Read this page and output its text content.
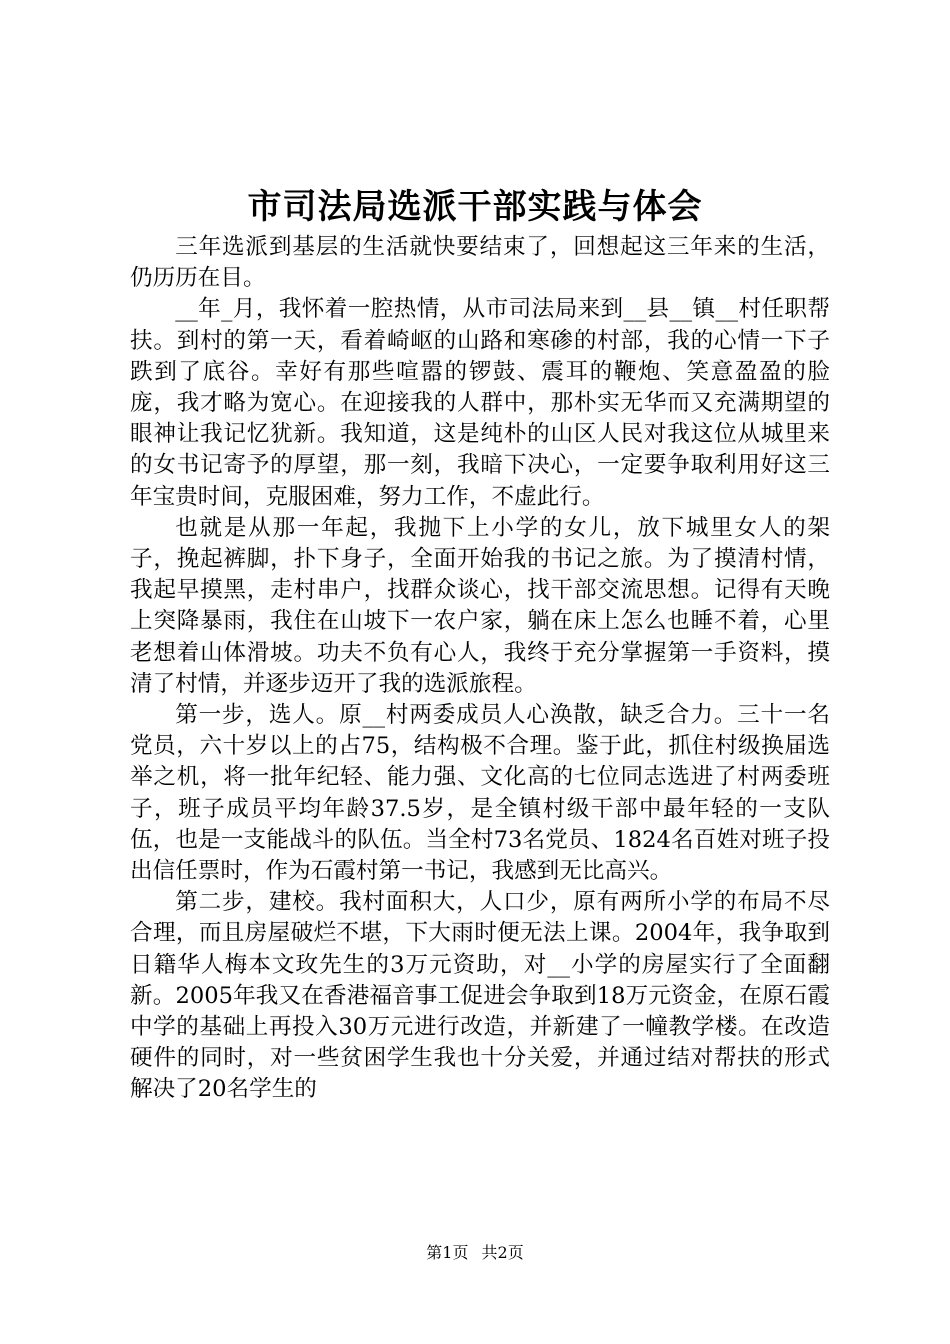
市司法局选派干部实践与体会

三年选派到基层的生活就快要结束了，回想起这三年来的生活，仍历历在目。

__年_月，我怀着一腔热情，从市司法局来到__县__镇__村任职帮扶。到村的第一天，看着崎岖的山路和寒碜的村部，我的心情一下子跌到了底谷。幸好有那些喧嚣的锣鼓、震耳的鞭炮、笑意盈盈的脸庞，我才略为宽心。在迎接我的人群中，那朴实无华而又充满期望的眼神让我记忆犹新。我知道，这是纯朴的山区人民对我这位从城里来的女书记寄予的厚望，那一刻，我暗下决心，一定要争取利用好这三年宝贵时间，克服困难，努力工作，不虚此行。

也就是从那一年起，我抛下上小学的女儿，放下城里女人的架子，挽起裤脚，扑下身子，全面开始我的书记之旅。为了摸清村情，我起早摸黑，走村串户，找群众谈心，找干部交流思想。记得有天晚上突降暴雨，我住在山坡下一农户家，躺在床上怎么也睡不着，心里老想着山体滑坡。功夫不负有心人，我终于充分掌握第一手资料，摸清了村情，并逐步迈开了我的选派旅程。

第一步，选人。原__村两委成员人心涣散，缺乏合力。三十一名党员，六十岁以上的占75，结构极不合理。鉴于此，抓住村级换届选举之机，将一批年纪轻、能力强、文化高的七位同志选进了村两委班子，班子成员平均年龄37.5岁，是全镇村级干部中最年轻的一支队伍，也是一支能战斗的队伍。当全村73名党员、1824名百姓对班子投出信任票时，作为石霞村第一书记，我感到无比高兴。

第二步，建校。我村面积大，人口少，原有两所小学的布局不尽合理，而且房屋破烂不堪，下大雨时便无法上课。2004年，我争取到日籍华人梅本文玫先生的3万元资助，对__小学的房屋实行了全面翻新。2005年我又在香港福音事工促进会争取到18万元资金，在原石霞中学的基础上再投入30万元进行改造，并新建了一幢教学楼。在改造硬件的同时，对一些贫困学生我也十分关爱，并通过结对帮扶的形式解决了20名学生的

第1页 共2页
